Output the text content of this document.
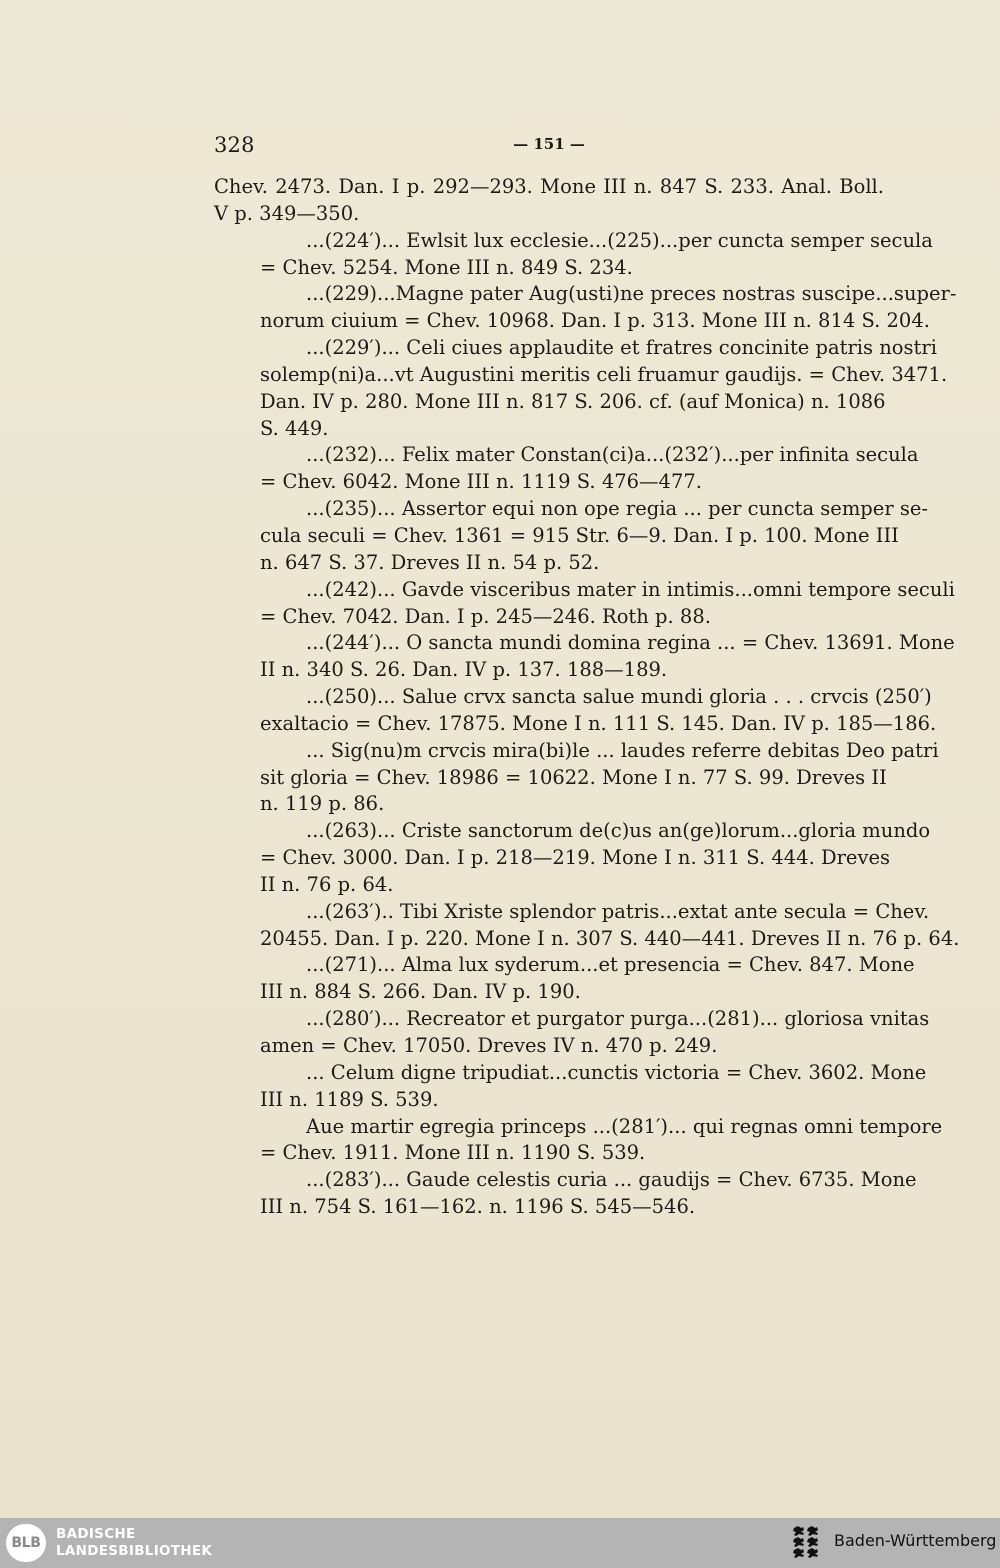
328	— 151 —
Chev. 2473. Dan. I p. 292—293. Mone III n. 847 S. 233. Anal. Boll.
V p. 349—350.
...(224′)... Ewlsit lux ecclesie...(225)...per cuncta semper secula
= Chev. 5254. Mone III n. 849 S. 234.
...(229)...Magne pater Aug(usti)ne preces nostras suscipe...super-
norum ciuium = Chev. 10968. Dan. I p. 313. Mone III n. 814 S. 204.
...(229′)... Celi ciues applaudite et fratres concinite patris nostri
solemp(ni)a...vt Augustini meritis celi fruamur gaudijs. = Chev. 3471.
Dan. IV p. 280. Mone III n. 817 S. 206. cf. (auf Monica) n. 1086
S. 449.
...(232)... Felix mater Constan(ci)a...(232′)...per infinita secula
= Chev. 6042. Mone III n. 1119 S. 476—477.
...(235)... Assertor equi non ope regia ... per cuncta semper se-
cula seculi = Chev. 1361 = 915 Str. 6—9. Dan. I p. 100. Mone III
n. 647 S. 37. Dreves II n. 54 p. 52.
...(242)... Gavde visceribus mater in intimis...omni tempore seculi
= Chev. 7042. Dan. I p. 245—246. Roth p. 88.
...(244′)... O sancta mundi domina regina ... = Chev. 13691. Mone
II n. 340 S. 26. Dan. IV p. 137. 188—189.
...(250)... Salue crvx sancta salue mundi gloria . . . crvcis (250′)
exaltacio = Chev. 17875. Mone I n. 111 S. 145. Dan. IV p. 185—186.
... Sig(nu)m crvcis mira(bi)le ... laudes referre debitas Deo patri
sit gloria = Chev. 18986 = 10622. Mone I n. 77 S. 99. Dreves II
n. 119 p. 86.
...(263)... Criste sanctorum de(c)us an(ge)lorum...gloria mundo
= Chev. 3000. Dan. I p. 218—219. Mone I n. 311 S. 444. Dreves
II n. 76 p. 64.
...(263′).. Tibi Xriste splendor patris...extat ante secula = Chev.
20455. Dan. I p. 220. Mone I n. 307 S. 440—441. Dreves II n. 76 p. 64.
...(271)... Alma lux syderum...et presencia = Chev. 847. Mone
III n. 884 S. 266. Dan. IV p. 190.
...(280′)... Recreator et purgator purga...(281)... gloriosa vnitas
amen = Chev. 17050. Dreves IV n. 470 p. 249.
... Celum digne tripudiat...cunctis victoria = Chev. 3602. Mone
III n. 1189 S. 539.
Aue martir egregia princeps ...(281′)... qui regnas omni tempore
= Chev. 1911. Mone III n. 1190 S. 539.
...(283′)... Gaude celestis curia ... gaudijs = Chev. 6735. Mone
III n. 754 S. 161—162. n. 1196 S. 545—546.
BLB
BADISCHE
LANDESBIBLIOTHEK
Baden-Württemberg
